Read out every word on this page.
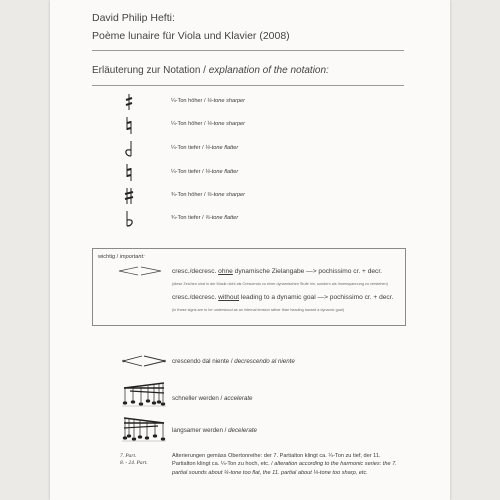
David Philip Hefti:
Poème lunaire für Viola und Klavier (2008)
Erläuterung zur Notation / explanation of the notation:
¼-Ton höher / ¼-tone sharper
¼-Ton höher / ¼-tone sharper
¼-Ton tiefer / ¼-tone flatter
¼-Ton tiefer / ¼-tone flatter
¾-Ton höher / ¾-tone sharper
¾-Ton tiefer / ¾-tone flatter
wichtig / important:
cresc./decresc. ohne dynamische Zielangabe —> pochissimo cr. + decr.
(diese Zeichen sind in der Musik nicht als Crescendo zu einer dynamischen Stufe hin, sondern als Innenspannung zu verstehen)
cresc./decresc. without leading to a dynamic goal —> pochissimo cr. + decr.
(in these signs are to be understood as an internal tension rather than heading toward a dynamic goal)
crescendo dal niente / decrescendo al niente
schneller werden / accelerate
langsamer werden / decelerate
7. Part.
8. - 24. Part.
Alterierungen gemäss Obertonreihe: der 7. Partialton klingt ca. ¼-Ton zu tief, der 11. Partialton klingt ca. ¼-Ton zu hoch, etc. / alteration according to the harmonic series: the 7. partial sounds about ¼-tone too flat, the 11. partial about ¼-tone too sharp, etc.
